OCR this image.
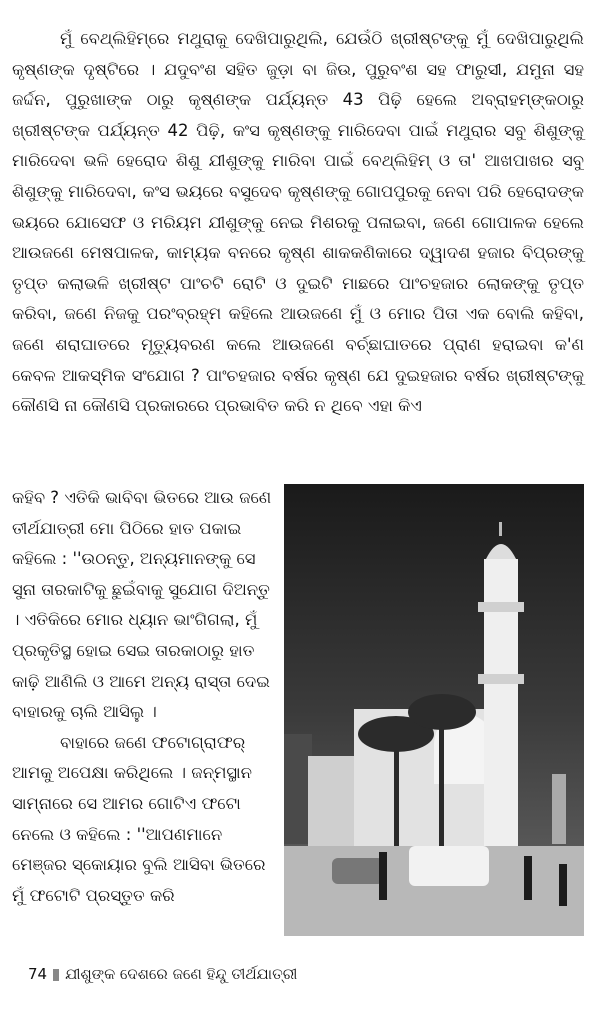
ମୁଁ ବେଥ୍‌ଲିହିମ୍‌ରେ ମଥୁରାକୁ ଦେଖିପାରୁଥିଲି, ଯେଉଁଠି ଖ୍ରୀଷ୍ଟଙ୍କୁ ମୁଁ ଦେଖିପାରୁଥିଲି କୃଷ୍ଣଙ୍କ ଦୃଷ୍ଟିରେ । ଯଦୁବଂଶ ସହିତ ଜୁଡ଼ା ବା ଜିଉ, ପୁରୁବଂଶ ସହ ଫାରୁସୀ, ଯମୁନା ସହ ଜର୍ଦ୍ଦନ, ପୁରୁଖାଙ୍କ ଠାରୁ କୃଷ୍ଣଙ୍କ ପର୍ଯ୍ୟନ୍ତ 43 ପିଢ଼ି ହେଲେ ଅବ୍ରାହମ୍‌ଙ୍କଠାରୁ ଖ୍ରୀଷ୍ଟଙ୍କ ପର୍ଯ୍ୟନ୍ତ 42 ପିଢ଼ି, କଂସ କୃଷ୍ଣଙ୍କୁ ମାରିଦେବା ପାଇଁ ମଥୁରାର ସବୁ ଶିଶୁଙ୍କୁ ମାରିଦେବା ଭଳି ହେରୋଦ ଶିଶୁ ଯୀଶୁଙ୍କୁ ମାରିବା ପାଇଁ ବେଥ୍‌ଲିହିମ୍ ଓ ତା' ଆଖପାଖର ସବୁ ଶିଶୁଙ୍କୁ ମାରିଦେବା, କଂସ ଭୟରେ ବସୁଦେବ କୃଷ୍ଣଙ୍କୁ ଗୋପପୁରକୁ ନେବା ପରି ହେରୋଦଙ୍କ ଭୟରେ ଯୋସେଫ ଓ ମରିୟମ ଯୀଶୁଙ୍କୁ ନେଇ ମିଶରକୁ ପଳାଇବା, ଜଣେ ଗୋପାଳକ ହେଲେ ଆଉଜଣେ ମେଷପାଳକ, କାମ୍ୟକ ବନରେ କୃଷ୍ଣ ଶାକକଣିକାରେ ଦ୍ୱାଦଶ ହଜାର ବିପ୍ରଙ୍କୁ ତୃପ୍ତ କଲାଭଳି ଖ୍ରୀଷ୍ଟ ପାଂଚଟି ରୋଟି ଓ ଦୁଇଟି ମାଛରେ ପାଂଚହଜାର ଲୋକଙ୍କୁ ତୃପ୍ତ କରିବା, ଜଣେ ନିଜକୁ ପରଂବ୍ରହ୍ମ କହିଲେ ଆଉଜଣେ ମୁଁ ଓ ମୋର ପିତା ଏକ ବୋଲି କହିବା, ଜଣେ ଶରାଘାତରେ ମୃତ୍ୟୁବରଣ କଲେ ଆଉଜଣେ ବର୍ଚ୍ଛାଘାତରେ ପ୍ରାଣ ହରାଇବା କ'ଣ କେବଳ ଆକସ୍ମିକ ସଂଯୋଗ ? ପାଂଚହଜାର ବର୍ଷର କୃଷ୍ଣ ଯେ ଦୁଇହଜାର ବର୍ଷର ଖ୍ରୀଷ୍ଟଙ୍କୁ କୌଣସି ନା କୌଣସି ପ୍ରକାରରେ ପ୍ରଭାବିତ କରି ନ ଥିବେ ଏହା କିଏ

କହିବ ? ଏତିକି ଭାବିବା ଭିତରେ ଆଉ ଜଣେ ତୀର୍ଥଯାତ୍ରୀ ମୋ ପିଠିରେ ହାତ ପକାଇ କହିଲେ : ''ଉଠନ୍ତୁ, ଅନ୍ୟମାନଙ୍କୁ ସେ ସୁନା ତାରକାଟିକୁ ଛୁଇଁବାକୁ ସୁଯୋଗ ଦିଅନ୍ତୁ । ଏତିକିରେ ମୋର ଧ୍ୟାନ ଭାଂଗିଗଲା, ମୁଁ ପ୍ରକୃତିସ୍ଥ ହୋଇ ସେଇ ତାରକାଠାରୁ ହାତ କାଢ଼ି ଆଣିଲି ଓ ଆମେ ଅନ୍ୟ ରାସ୍ତା ଦେଇ ବାହାରକୁ ଚାଲି ଆସିଲୁ ।

ବାହାରେ ଜଣେ ଫଟୋଗ୍ରାଫର୍ ଆମକୁ ଅପେକ୍ଷା କରିଥିଲେ । ଜନ୍ମସ୍ଥାନ ସାମ୍ନାରେ ସେ ଆମର ଗୋଟିଏ ଫଟୋ ନେଲେ ଓ କହିଲେ : ''ଆପଣମାନେ ମେଞ୍ଜର ସ୍କୋୟାର ବୁଲି ଆସିବା ଭିତରେ ମୁଁ ଫଟୋଟି ପ୍ରସ୍ତୁତ କରି

74 ଯୀଶୁଙ୍କ ଦେଶରେ ଜଣେ ହିନ୍ଦୁ ତୀର୍ଥଯାତ୍ରୀ
